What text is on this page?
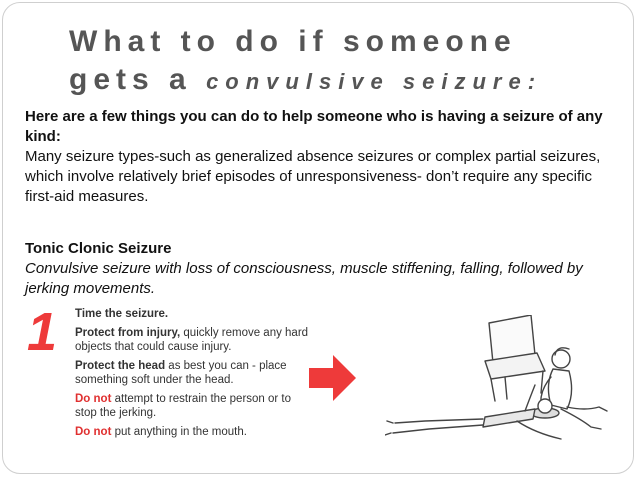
What to do if someone
gets a convulsive seizure:
Here are a few things you can do to help someone who is having a seizure of any kind:
Many seizure types-such as generalized absence seizures or complex partial seizures, which involve relatively brief episodes of unresponsiveness- don’t require any specific first-aid measures.
Tonic Clonic Seizure
Convulsive seizure with loss of consciousness, muscle stiffening, falling, followed by jerking movements.
1 Time the seizure.
Protect from injury, quickly remove any hard objects that could cause injury.
Protect the head as best you can - place something soft under the head.
Do not attempt to restrain the person or to stop the jerking.
Do not put anything in the mouth.
